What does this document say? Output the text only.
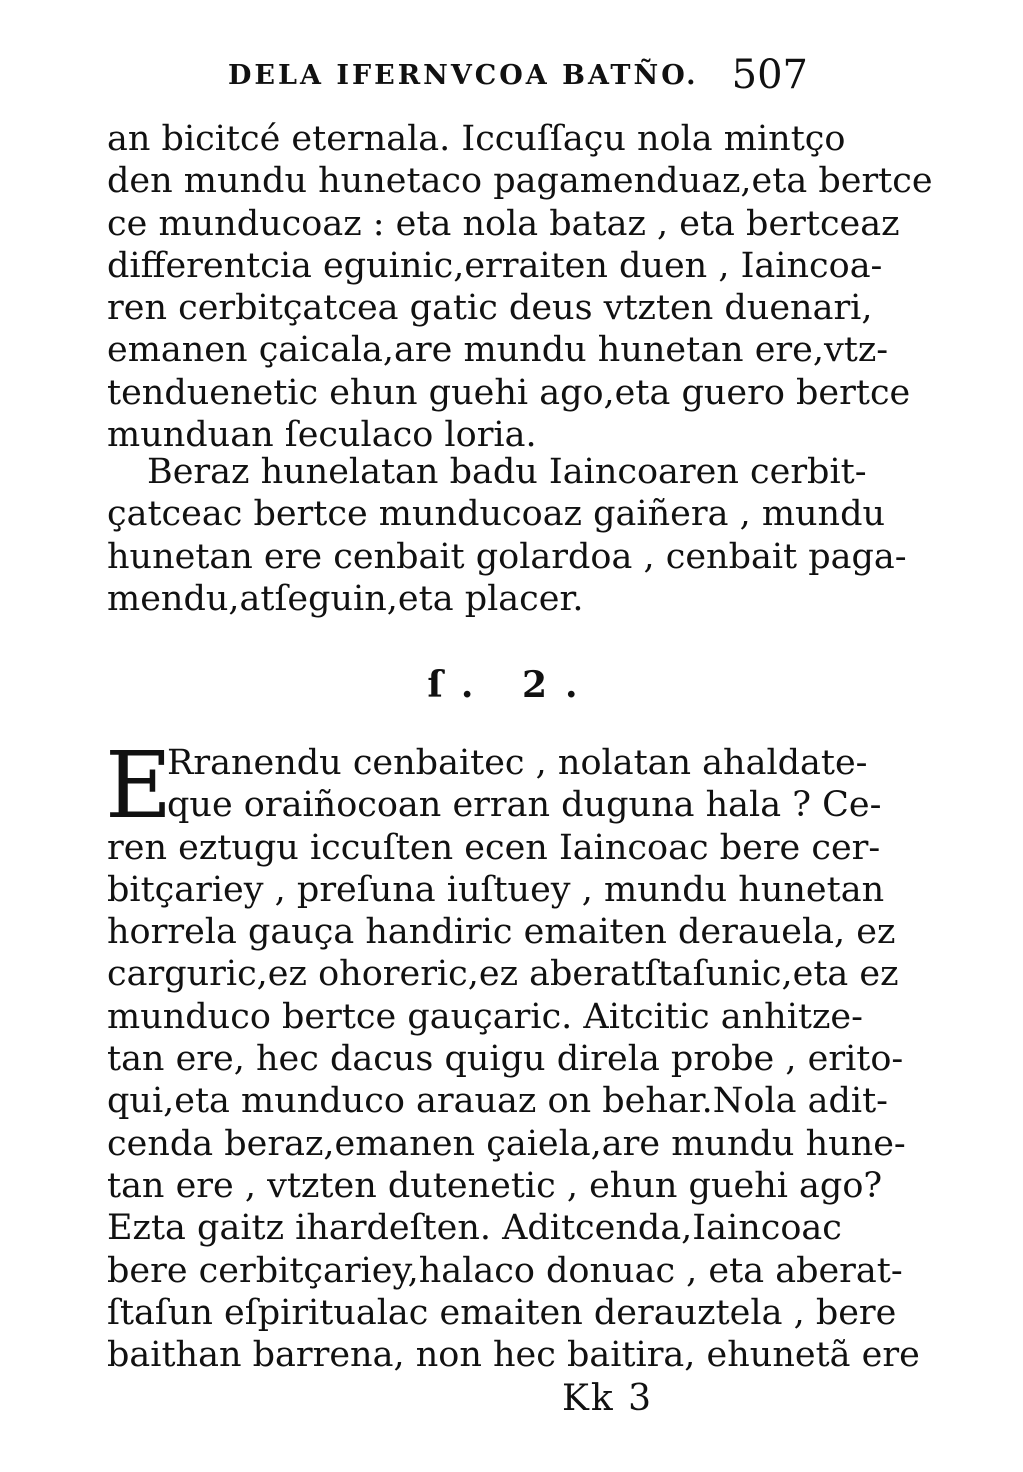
DELA IFERNVCOA BATÑO. 507
an bicitcé eternala. Iccuſſaçu nola mintço
den mundu hunetaco pagamenduaz,eta bertce
ce munducoaz : eta nola bataz , eta bertceaz
differentcia eguinic,erraiten duen , Iaincoa-
ren cerbitçatcea gatic deus vtzten duenari,
emanen çaicala,are mundu hunetan ere,vtz-
tenduenetic ehun guehi ago,eta guero bertce
munduan ſeculaco loria.
Beraz hunelatan badu Iaincoaren cerbit-
çatceac bertce munducoaz gaiñera , mundu
hunetan ere cenbait golardoa , cenbait paga-
mendu,atſeguin,eta placer.
ſ. 2.
E
Rranendu cenbaitec , nolatan ahaldate-
que oraiñocoan erran duguna hala ? Ce-
ren eztugu iccuſten ecen Iaincoac bere cer-
bitçariey , preſuna iuſtuey , mundu hunetan
horrela gauça handiric emaiten derauela, ez
carguric,ez ohoreric,ez aberatſtaſunic,eta ez
munduco bertce gauçaric. Aitcitic anhitze-
tan ere, hec dacus quigu direla probe , erito-
qui,eta munduco arauaz on behar.Nola adit-
cenda beraz,emanen çaiela,are mundu hune-
tan ere , vtzten dutenetic , ehun guehi ago?
Ezta gaitz ihardeſten. Aditcenda,Iaincoac
bere cerbitçariey,halaco donuac , eta aberat-
ſtaſun eſpiritualac emaiten derauztela , bere
baithan barrena, non hec baitira, ehunetã ere
Kk 3
